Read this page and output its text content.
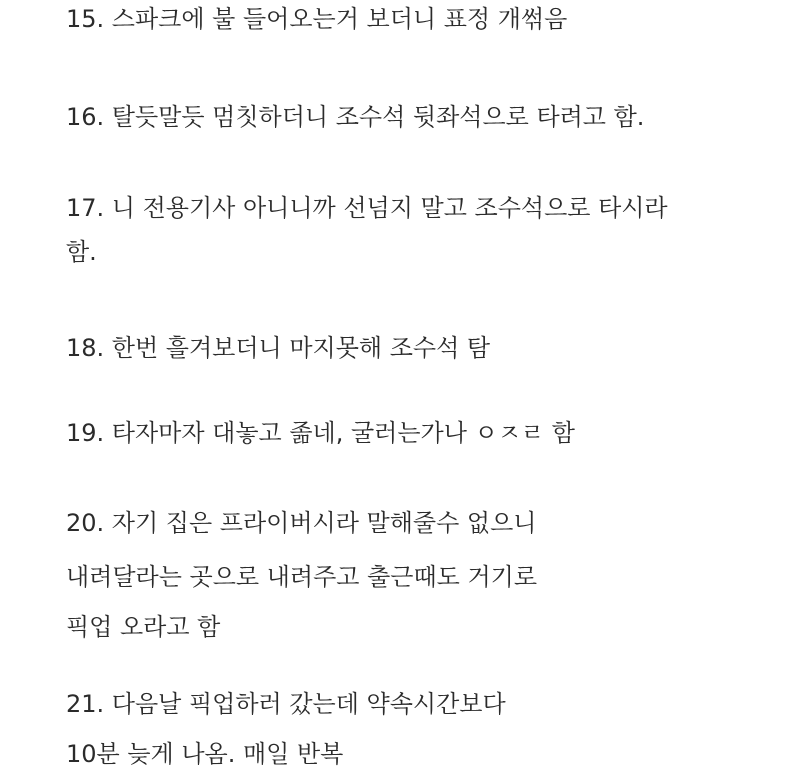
15. 스파크에 불 들어오는거 보더니 표정 개썪음
16. 탈듯말듯 멈칫하더니 조수석 뒷좌석으로 타려고 함.
17. 니 전용기사 아니니까 선넘지 말고 조수석으로 타시라
함.
18. 한번 흘겨보더니 마지못해 조수석 탐
19. 타자마자 대놓고 졺네, 굴러는가나 ㅇㅈㄹ 함
20. 자기 집은 프라이버시라 말해줄수 없으니
내려달라는 곳으로 내려주고 출근때도 거기로
픽업 오라고 함
21. 다음날 픽업하러 갔는데 약속시간보다
10분 늦게 나옴. 매일 반복
